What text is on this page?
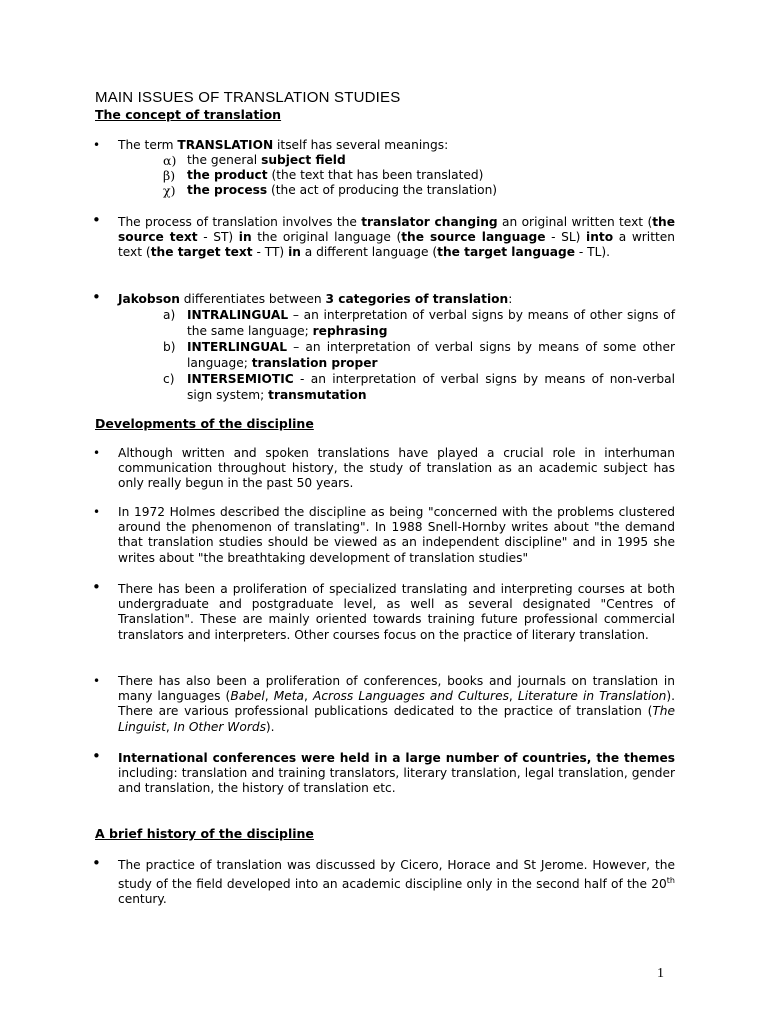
MAIN ISSUES OF TRANSLATION STUDIES
The concept of translation
• The term TRANSLATION itself has several meanings:
α) the general subject field
β) the product (the text that has been translated)
χ) the process (the act of producing the translation)
• The process of translation involves the translator changing an original written text (the source text - ST) in the original language (the source language - SL) into a written text (the target text - TT) in a different language (the target language - TL).
• Jakobson differentiates between 3 categories of translation:
a) INTRALINGUAL – an interpretation of verbal signs by means of other signs of the same language; rephrasing
b) INTERLINGUAL – an interpretation of verbal signs by means of some other language; translation proper
c) INTERSEMIOTIC - an interpretation of verbal signs by means of non-verbal sign system; transmutation
Developments of the discipline
• Although written and spoken translations have played a crucial role in interhuman communication throughout history, the study of translation as an academic subject has only really begun in the past 50 years.
• In 1972 Holmes described the discipline as being "concerned with the problems clustered around the phenomenon of translating". In 1988 Snell-Hornby writes about "the demand that translation studies should be viewed as an independent discipline" and in 1995 she writes about "the breathtaking development of translation studies"
• There has been a proliferation of specialized translating and interpreting courses at both undergraduate and postgraduate level, as well as several designated "Centres of Translation". These are mainly oriented towards training future professional commercial translators and interpreters. Other courses focus on the practice of literary translation.
• There has also been a proliferation of conferences, books and journals on translation in many languages (Babel, Meta, Across Languages and Cultures, Literature in Translation). There are various professional publications dedicated to the practice of translation (The Linguist, In Other Words).
• International conferences were held in a large number of countries, the themes including: translation and training translators, literary translation, legal translation, gender and translation, the history of translation etc.
A brief history of the discipline
• The practice of translation was discussed by Cicero, Horace and St Jerome. However, the study of the field developed into an academic discipline only in the second half of the 20th century.
1
